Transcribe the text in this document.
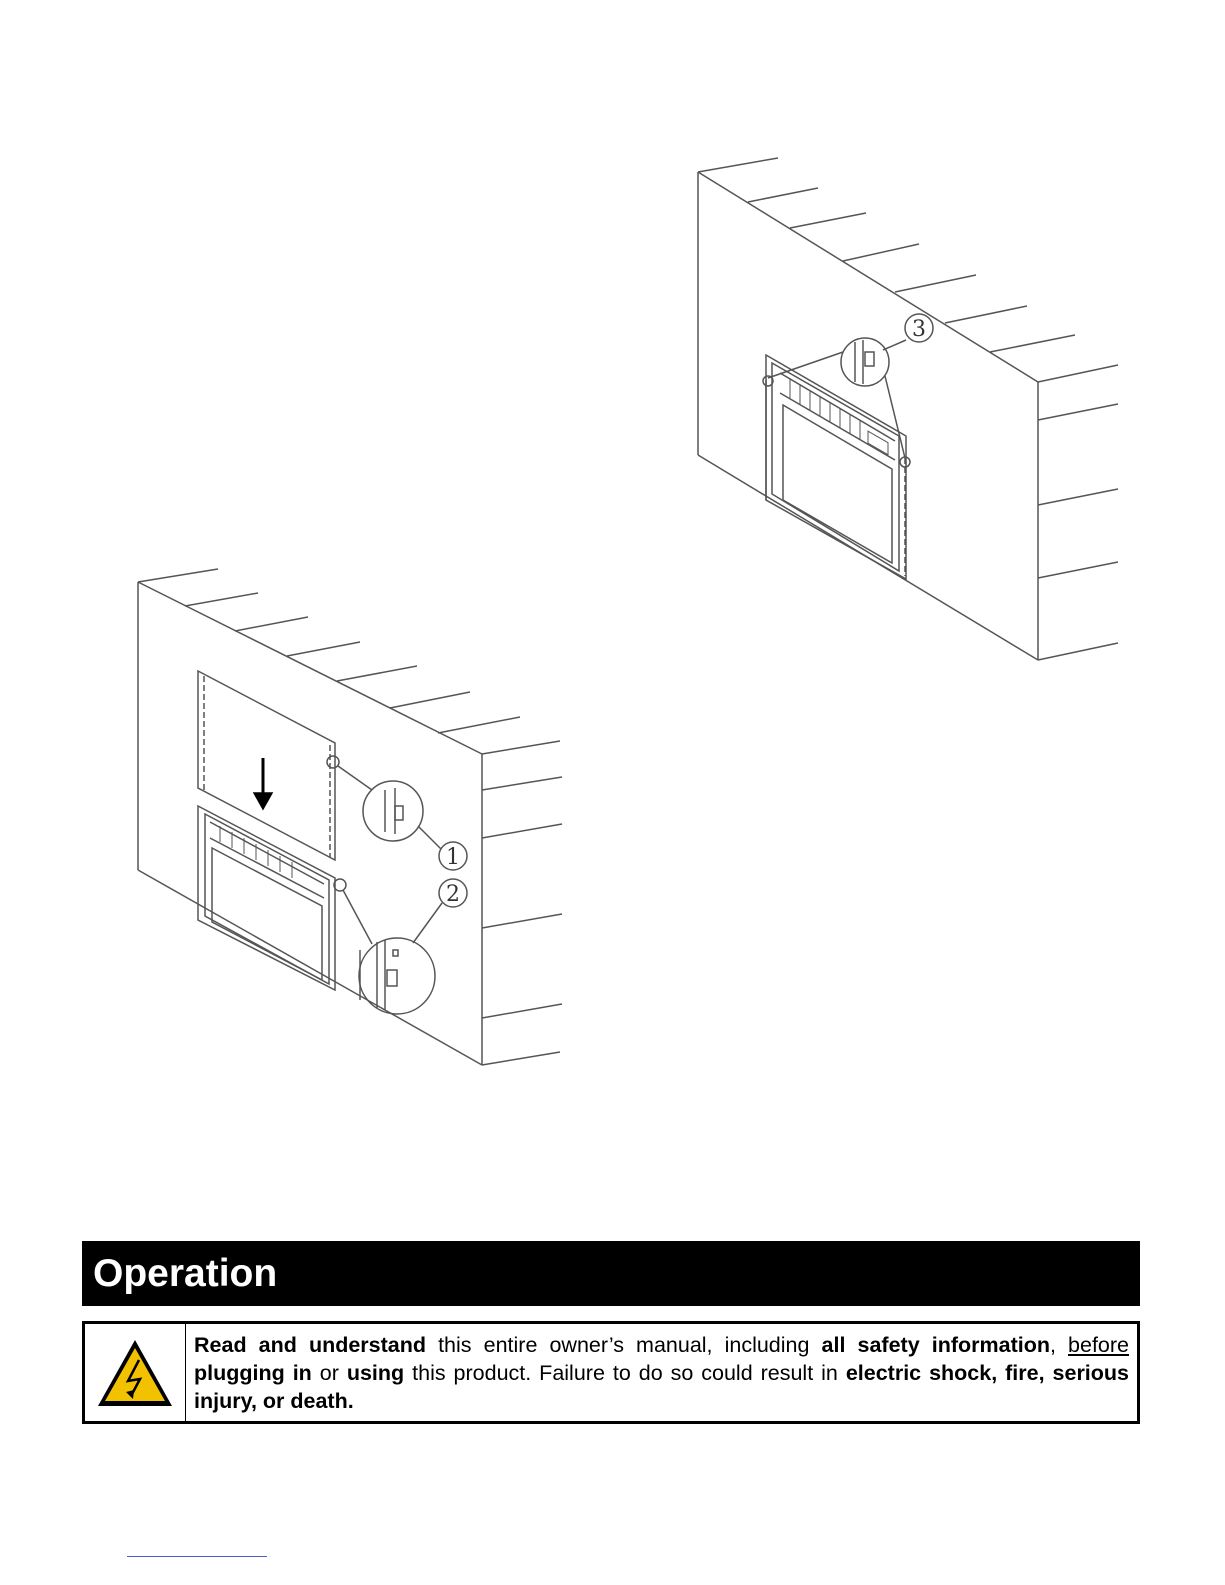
1
2
3
Operation
Read and understand this entire owner’s manual, including all safety information, before plugging in or using this product. Failure to do so could result in electric shock, fire, serious injury, or death.
